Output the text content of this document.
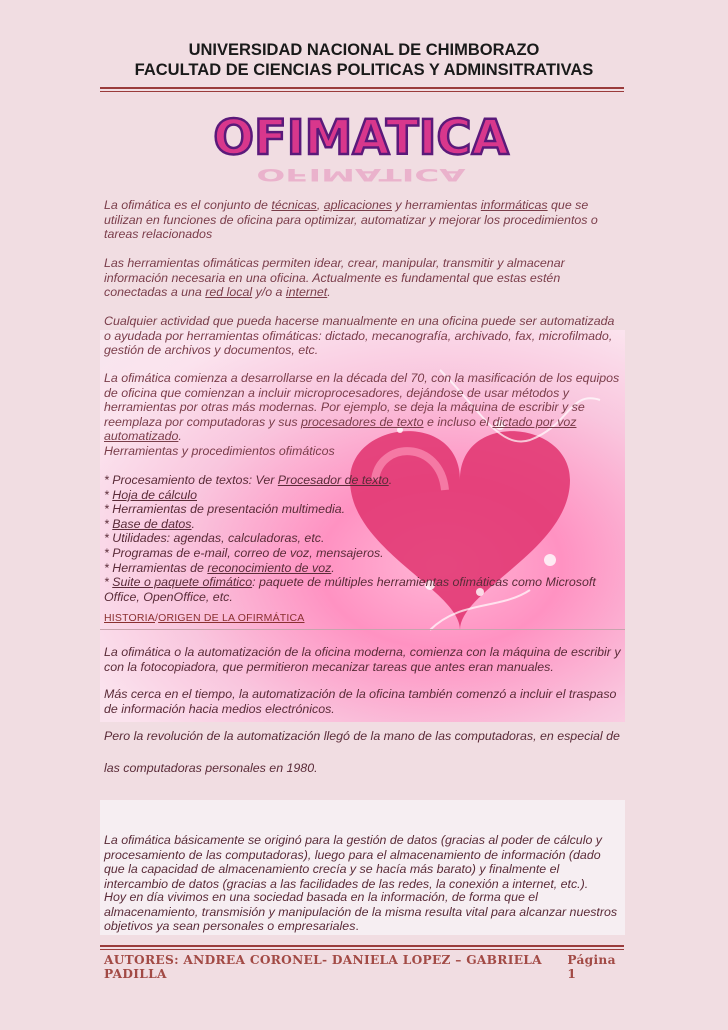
UNIVERSIDAD NACIONAL DE CHIMBORAZO
FACULTAD DE CIENCIAS POLITICAS Y ADMINSITRATIVAS
OFIMATICA
OFIMATICA
La ofimática es el conjunto de técnicas, aplicaciones y herramientas informáticas que se utilizan en funciones de oficina para optimizar, automatizar y mejorar los procedimientos o tareas relacionados
Las herramientas ofimáticas permiten idear, crear, manipular, transmitir y almacenar información necesaria en una oficina. Actualmente es fundamental que estas estén conectadas a una red local y/o a internet.
Cualquier actividad que pueda hacerse manualmente en una oficina puede ser automatizada o ayudada por herramientas ofimáticas: dictado, mecanografía, archivado, fax, microfilmado, gestión de archivos y documentos, etc.
La ofimática comienza a desarrollarse en la década del 70, con la masificación de los equipos de oficina que comienzan a incluir microprocesadores, dejándose de usar métodos y herramientas por otras más modernas. Por ejemplo, se deja la máquina de escribir y se reemplaza por computadoras y sus procesadores de texto e incluso el dictado por voz automatizado.
Herramientas y procedimientos ofimáticos
* Procesamiento de textos: Ver Procesador de texto.
* Hoja de cálculo
* Herramientas de presentación multimedia.
* Base de datos.
* Utilidades: agendas, calculadoras, etc.
* Programas de e-mail, correo de voz, mensajeros.
* Herramientas de reconocimiento de voz.
* Suite o paquete ofimático: paquete de múltiples herramientas ofimáticas como Microsoft Office, OpenOffice, etc.
HISTORIA/ORIGEN DE LA OFIRMÁTICA
La ofimática o la automatización de la oficina moderna, comienza con la máquina de escribir y con la fotocopiadora, que permitieron mecanizar tareas que antes eran manuales.
Más cerca en el tiempo, la automatización de la oficina también comenzó a incluir el traspaso de información hacia medios electrónicos.
Pero la revolución de la automatización llegó de la mano de las computadoras, en especial de
las computadoras personales en 1980.
La ofimática básicamente se originó para la gestión de datos (gracias al poder de cálculo y procesamiento de las computadoras), luego para el almacenamiento de información (dado que la capacidad de almacenamiento crecía y se hacía más barato) y finalmente el intercambio de datos (gracias a las facilidades de las redes, la conexión a internet, etc.).
Hoy en día vivimos en una sociedad basada en la información, de forma que el almacenamiento, transmisión y manipulación de la misma resulta vital para alcanzar nuestros objetivos ya sean personales o empresariales.
AUTORES: ANDREA CORONEL- DANIELA LOPEZ – GABRIELA PADILLA
Página 1
